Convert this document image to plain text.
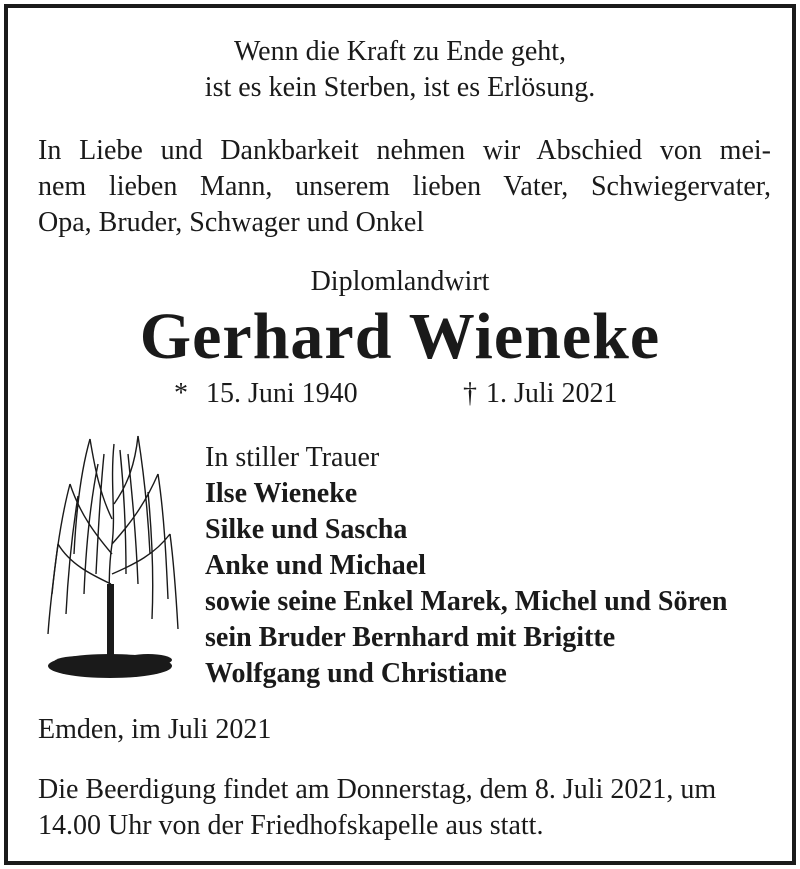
Wenn die Kraft zu Ende geht,
ist es kein Sterben, ist es Erlösung.
In Liebe und Dankbarkeit nehmen wir Abschied von mei-
nem lieben Mann, unserem lieben Vater, Schwiegervater,
Opa, Bruder, Schwager und Onkel
Diplomlandwirt
Gerhard Wieneke
* 15. Juni 1940	† 1. Juli 2021
In stiller Trauer
Ilse Wieneke
Silke und Sascha
Anke und Michael
sowie seine Enkel Marek, Michel und Sören
sein Bruder Bernhard mit Brigitte
Wolfgang und Christiane
Emden, im Juli 2021
Die Beerdigung findet am Donnerstag, dem 8. Juli 2021, um
14.00 Uhr von der Friedhofskapelle aus statt.
